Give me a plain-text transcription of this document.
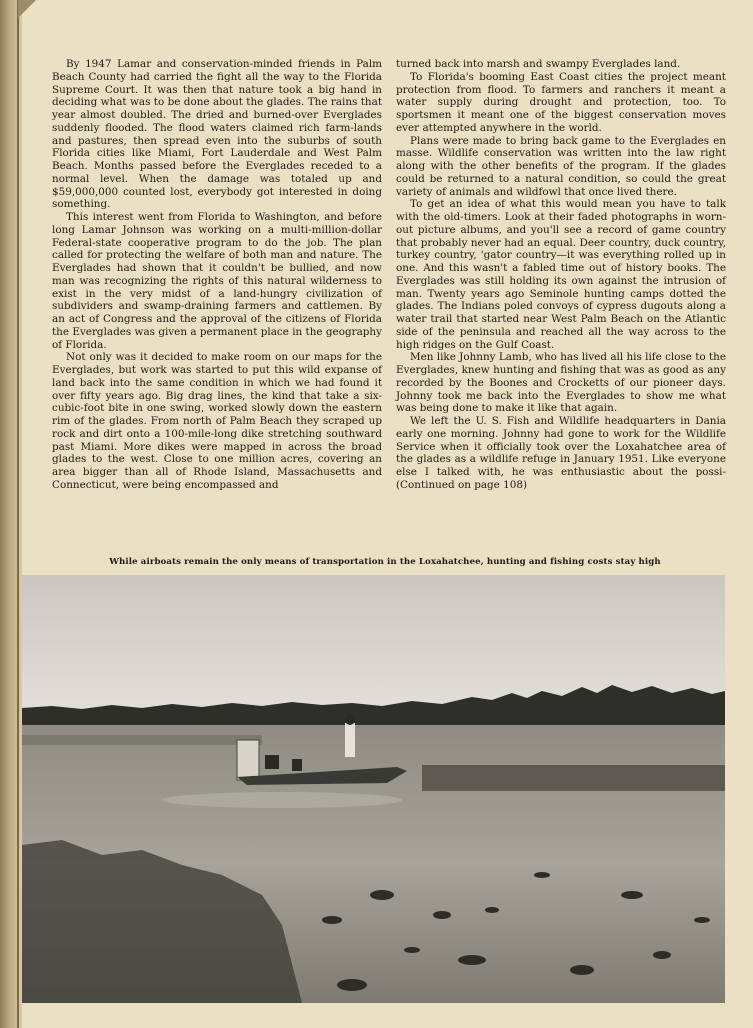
By 1947 Lamar and conservation-minded friends in Palm Beach County had carried the fight all the way to the Florida Supreme Court. It was then that nature took a big hand in deciding what was to be done about the glades. The rains that year almost doubled. The dried and burned-over Everglades suddenly flooded. The flood waters claimed rich farm-lands and pastures, then spread even into the suburbs of south Florida cities like Miami, Fort Lauderdale and West Palm Beach. Months passed before the Everglades receded to a normal level. When the damage was totaled up and $59,000,000 counted lost, everybody got interested in doing something.

This interest went from Florida to Washington, and before long Lamar Johnson was working on a multi-million-dollar Federal-state cooperative program to do the job. The plan called for protecting the welfare of both man and nature. The Everglades had shown that it couldn't be bullied, and now man was recognizing the rights of this natural wilderness to exist in the very midst of a land-hungry civilization of subdividers and swamp-draining farmers and cattlemen. By an act of Congress and the approval of the citizens of Florida the Everglades was given a permanent place in the geography of Florida.

Not only was it decided to make room on our maps for the Everglades, but work was started to put this wild expanse of land back into the same condition in which we had found it over fifty years ago. Big drag lines, the kind that take a six-cubic-foot bite in one swing, worked slowly down the eastern rim of the glades. From north of Palm Beach they scraped up rock and dirt onto a 100-mile-long dike stretching southward past Miami. More dikes were mapped in across the broad glades to the west. Close to one million acres, covering an area bigger than all of Rhode Island, Massachusetts and Connecticut, were being encompassed and

turned back into marsh and swampy Everglades land.

To Florida's booming East Coast cities the project meant protection from flood. To farmers and ranchers it meant a water supply during drought and protection, too. To sportsmen it meant one of the biggest conservation moves ever attempted anywhere in the world.

Plans were made to bring back game to the Everglades en masse. Wildlife conservation was written into the law right along with the other benefits of the program. If the glades could be returned to a natural condition, so could the great variety of animals and wildfowl that once lived there.

To get an idea of what this would mean you have to talk with the old-timers. Look at their faded photographs in worn-out picture albums, and you'll see a record of game country that probably never had an equal. Deer country, duck country, turkey country, 'gator country—it was everything rolled up in one. And this wasn't a fabled time out of history books. The Everglades was still holding its own against the intrusion of man. Twenty years ago Seminole hunting camps dotted the glades. The Indians poled convoys of cypress dugouts along a water trail that started near West Palm Beach on the Atlantic side of the peninsula and reached all the way across to the high ridges on the Gulf Coast.

Men like Johnny Lamb, who has lived all his life close to the Everglades, knew hunting and fishing that was as good as any recorded by the Boones and Crocketts of our pioneer days. Johnny took me back into the Everglades to show me what was being done to make it like that again.

We left the U. S. Fish and Wildlife headquarters in Dania early one morning. Johnny had gone to work for the Wildlife Service when it officially took over the Loxahatchee area of the glades as a wildlife refuge in January 1951. Like everyone else I talked with, he was enthusiastic about the possi- (Continued on page 108)

While airboats remain the only means of transportation in the Loxahatchee, hunting and fishing costs stay high
